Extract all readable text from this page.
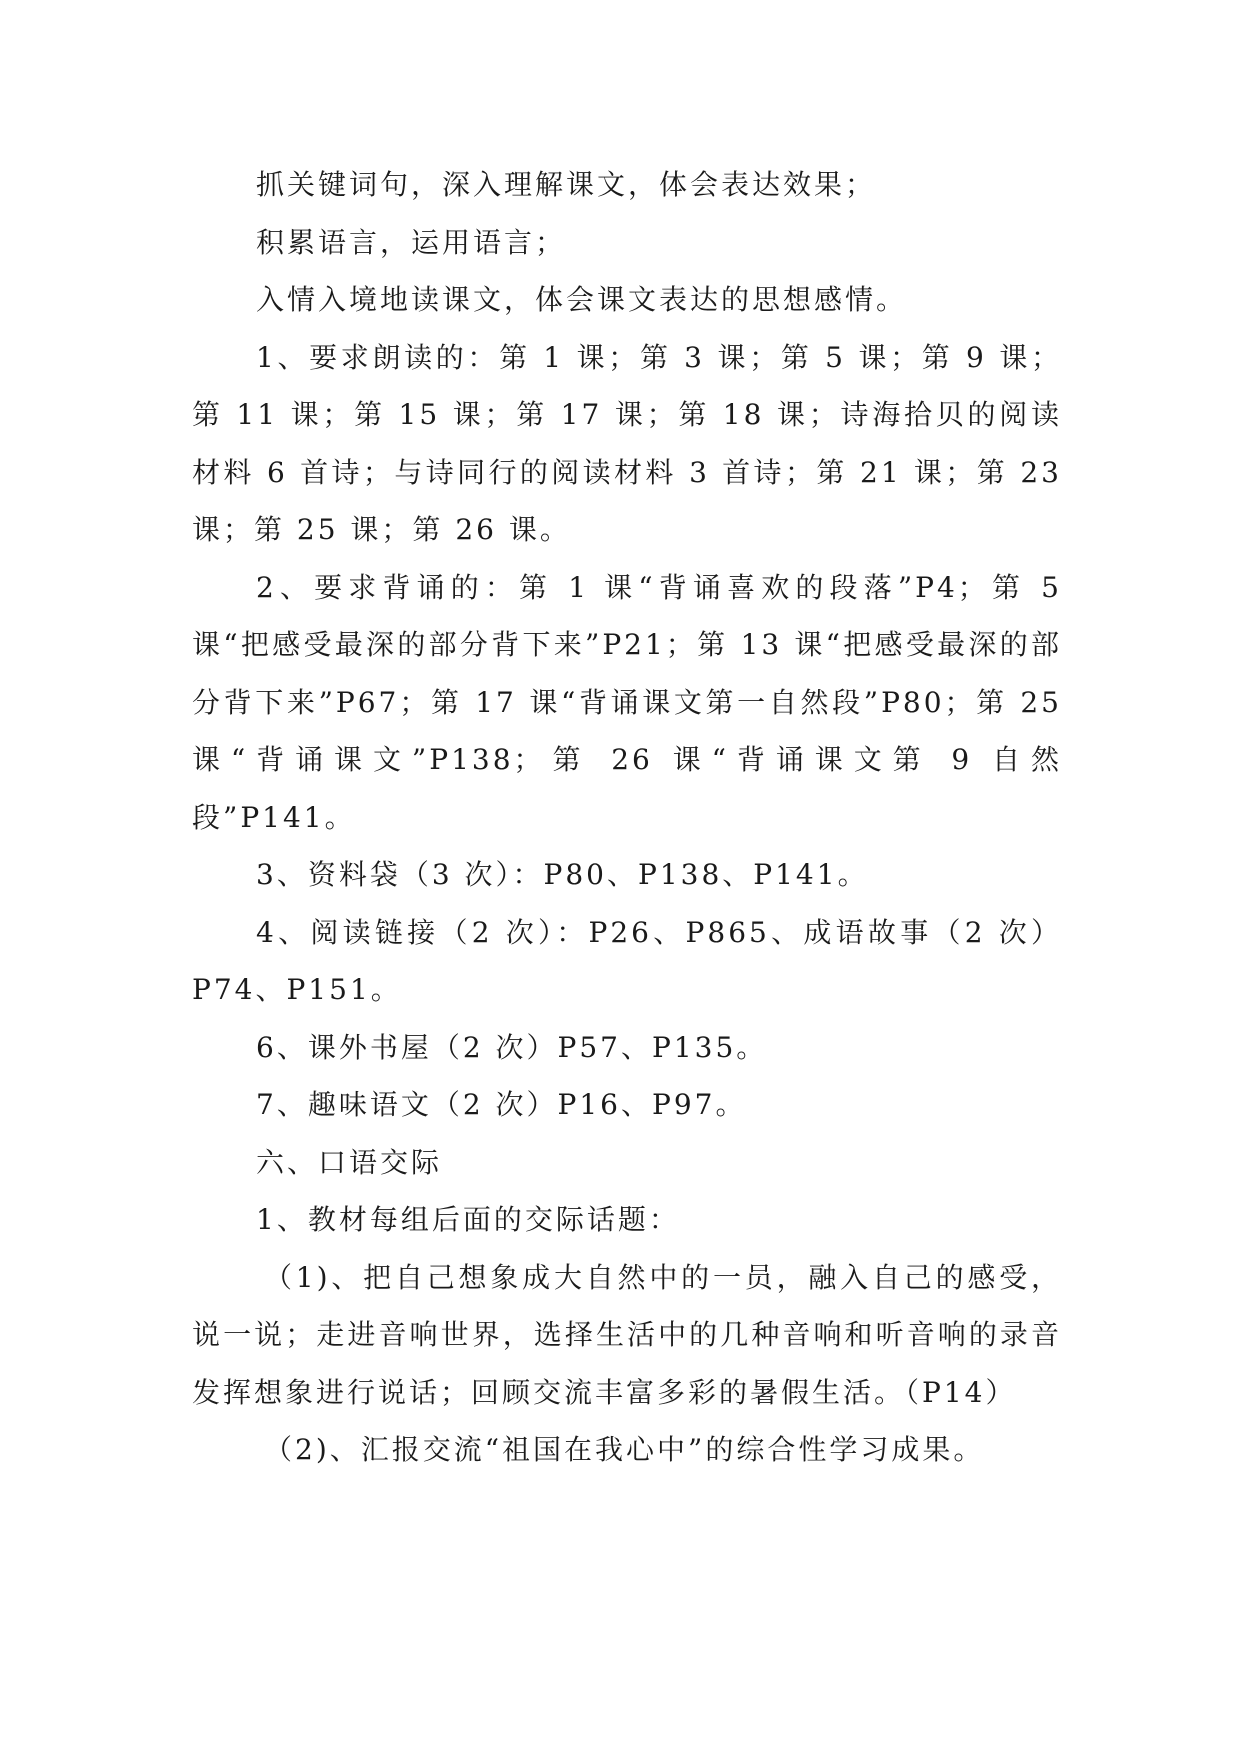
抓关键词句，深入理解课文，体会表达效果；

积累语言，运用语言；

入情入境地读课文，体会课文表达的思想感情。

1、要求朗读的：第 1 课；第 3 课；第 5 课；第 9 课；第 11 课；第 15 课；第 17 课；第 18 课；诗海拾贝的阅读材料 6 首诗；与诗同行的阅读材料 3 首诗；第 21 课；第 23 课；第 25 课；第 26 课。

2、要求背诵的：第 1 课“背诵喜欢的段落”P4；第 5 课“把感受最深的部分背下来”P21；第 13 课“把感受最深的部分背下来”P67；第 17 课“背诵课文第一自然段”P80；第 25 课“背诵课文”P138；第 26 课“背诵课文第 9 自然段”P141。

3、资料袋（3 次）：P80、P138、P141。

4、阅读链接（2 次）：P26、P865、成语故事（2 次）P74、P151。

6、课外书屋（2 次）P57、P135。

7、趣味语文（2 次）P16、P97。

六、口语交际

1、教材每组后面的交际话题：

（1)、把自己想象成大自然中的一员，融入自己的感受，说一说；走进音响世界，选择生活中的几种音响和听音响的录音发挥想象进行说话；回顾交流丰富多彩的暑假生活。（P14）

（2)、汇报交流“祖国在我心中”的综合性学习成果。
